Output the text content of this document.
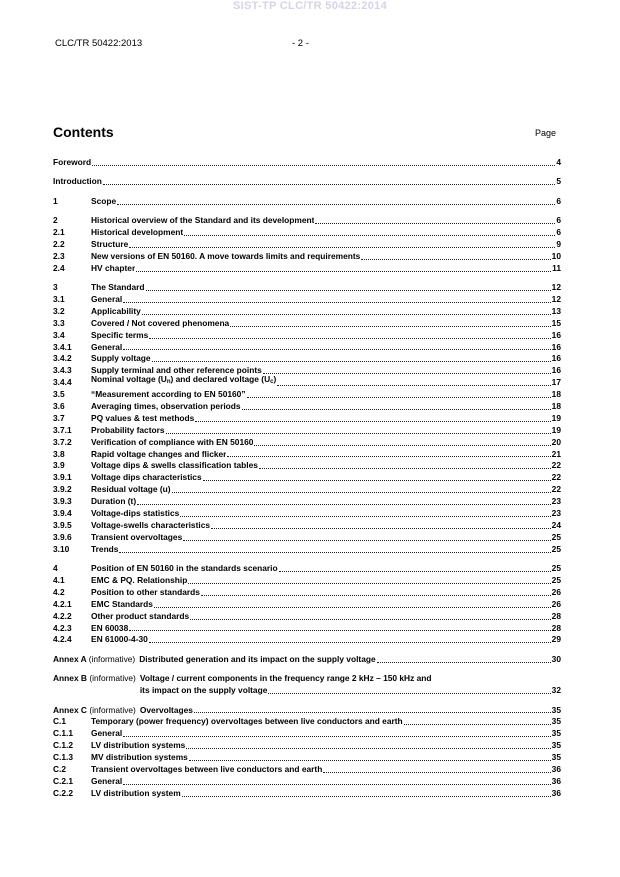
SIST-TP CLC/TR 50422:2014
CLC/TR 50422:2013	- 2 -
Contents	Page
Foreword	4
Introduction	5
1	Scope	6
2	Historical overview of the Standard and its development	6
2.1	Historical development	6
2.2	Structure	9
2.3	New versions of EN 50160. A move towards limits and requirements	10
2.4	HV chapter	11
3	The Standard	12
3.1	General	12
3.2	Applicability	13
3.3	Covered / Not covered phenomena	15
3.4	Specific terms	16
3.4.1	General	16
3.4.2	Supply voltage	16
3.4.3	Supply terminal and other reference points	16
3.4.4	Nominal voltage $(U_n)$ and declared voltage $(U_c)$	17
3.5	“Measurement according to EN 50160”	18
3.6	Averaging times, observation periods	18
3.7	PQ values & test methods	19
3.7.1	Probability factors	19
3.7.2	Verification of compliance with EN 50160	20
3.8	Rapid voltage changes and flicker	21
3.9	Voltage dips & swells classification tables	22
3.9.1	Voltage dips characteristics	22
3.9.2	Residual voltage (u)	22
3.9.3	Duration (t)	23
3.9.4	Voltage-dips statistics	23
3.9.5	Voltage-swells characteristics	24
3.9.6	Transient overvoltages	25
3.10	Trends	25
4	Position of EN 50160 in the standards scenario	25
4.1	EMC & PQ. Relationship	25
4.2	Position to other standards	26
4.2.1	EMC Standards	26
4.2.2	Other product standards	28
4.2.3	EN 60038	28
4.2.4	EN 61000-4-30	29
Annex A (informative) Distributed generation and its impact on the supply voltage	30
Annex B (informative) Voltage / current components in the frequency range 2 kHz – 150 kHz and
its impact on the supply voltage	32
Annex C (informative) Overvoltages	35
C.1	Temporary (power frequency) overvoltages between live conductors and earth	35
C.1.1	General	35
C.1.2	LV distribution systems	35
C.1.3	MV distribution systems	35
C.2	Transient overvoltages between live conductors and earth	36
C.2.1	General	36
C.2.2	LV distribution system	36
